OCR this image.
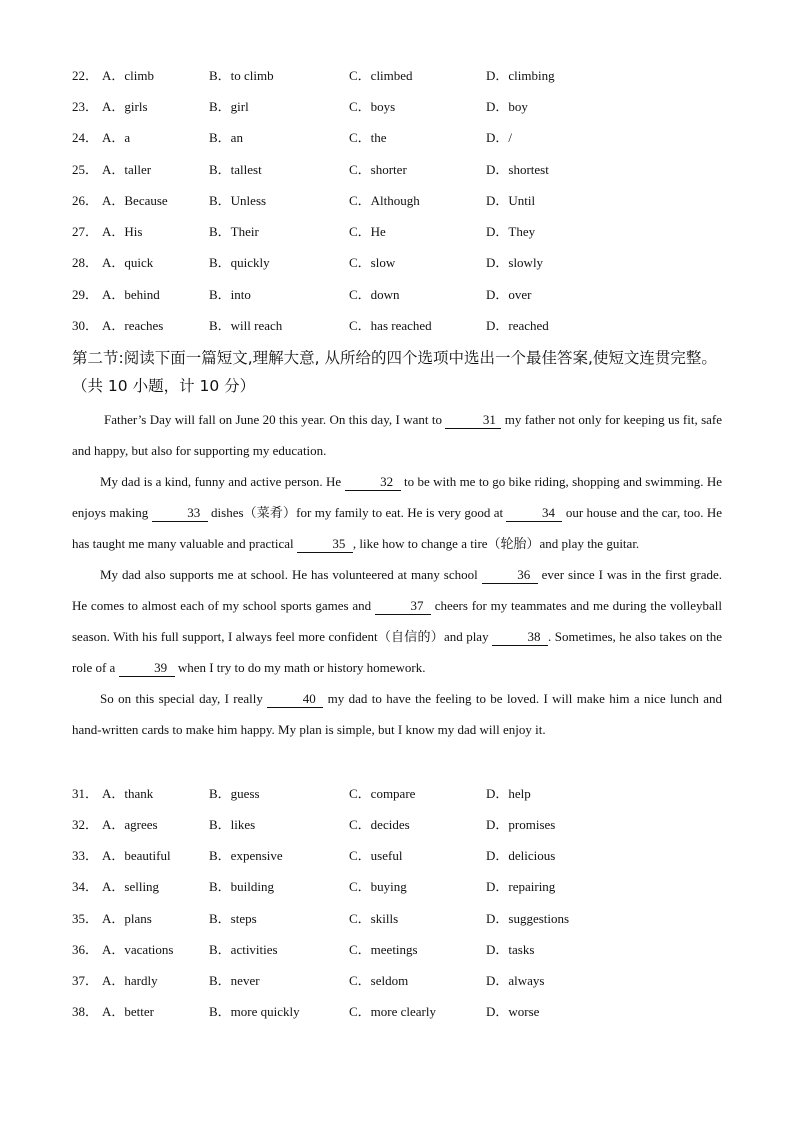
22． A．climb	B．to climb	C．climbed	D．climbing
23． A．girls	B．girl	C．boys	D．boy
24． A．a	B．an	C．the	D．/
25． A．taller	B．tallest	C．shorter	D．shortest
26． A．Because	B．Unless	C．Although	D．Until
27． A．His	B．Their	C．He	D．They
28． A．quick	B．quickly	C．slow	D．slowly
29． A．behind	B．into	C．down	D．over
30． A．reaches	B．will reach	C．has reached	D．reached
第二节:阅读下面一篇短文,理解大意, 从所给的四个选项中选出一个最佳答案,使短文连贯完整。
（共 10 小题，计 10 分）

Father’s Day will fall on June 20 this year. On this day, I want to	31 my father not only for keeping us fit, safe and happy, but also for supporting my education.

My dad is a kind, funny and active person. He	32 to be with me to go bike riding, shopping and swimming. He enjoys making	33 dishes（菜肴）for my family to eat. He is very good at	34 our house and the car, too. He has taught me many valuable and practical	35 , like how to change a tire（轮胎）and play the guitar.

My dad also supports me at school. He has volunteered at many school	36 ever since I was in the first grade. He comes to almost each of my school sports games and	37 cheers for my teammates and me during the volleyball season. With his full support, I always feel more confident（自信的）and play	38 . Sometimes, he also takes on the role of a	39 when I try to do my math or history homework.

So on this special day, I really	40 my dad to have the feeling to be loved. I will make him a nice lunch and hand-written cards to make him happy. My plan is simple, but I know my dad will enjoy it.

31． A．thank	B．guess	C．compare	D．help
32． A．agrees	B．likes	C．decides	D．promises
33． A．beautiful	B．expensive	C．useful	D．delicious
34． A．selling	B．building	C．buying	D．repairing
35． A．plans	B．steps	C．skills	D．suggestions
36． A．vacations	B．activities	C．meetings	D．tasks
37． A．hardly	B．never	C．seldom	D．always
38． A．better	B．more quickly	C．more clearly	D．worse
